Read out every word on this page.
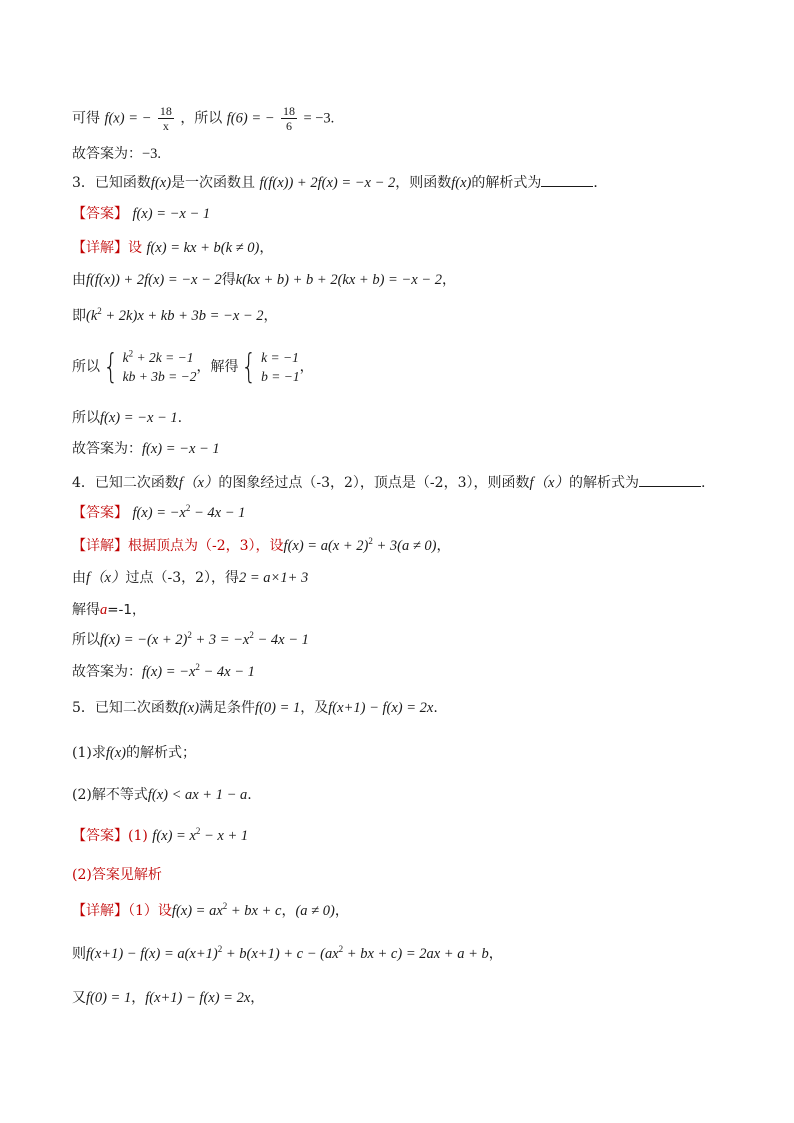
可得 f(x) = − $\frac{18}{x}$ ，所以 f(6) = − $\frac{18}{6} = -3$.
故答案为：−3.
3．已知函数f(x)是一次函数且 f(f(x)) + 2f(x) = −x − 2，则函数f(x)的解析式为	．
【答案】 f(x) = −x − 1
【详解】设 f(x) = kx + b(k ≠ 0)，
由f(f(x)) + 2f(x) = −x − 2得k(kx + b) + b + 2(kx + b) = −x − 2，
即$(k^2 + 2k)x$ + kb + 3b = −x − 2，
所以 { $k^2 + 2k = -1$
kb + 3b = −2
，解得 { k = −1
b = −1
，
所以f(x) = −x − 1.
故答案为：f(x) = −x − 1
4．已知二次函数f（x）的图象经过点（-3，2），顶点是（-2，3），则函数f（x）的解析式为	.
【答案】 $f(x) = -x^2 - 4x - 1$
【详解】根据顶点为（-2，3），设$f(x) = a(x + 2)^2 + 3(a \ne 0)$，
由f（x）过点（-3，2），得2 = a×1+ 3
解得a=-1，
所以$f(x) = -(x + 2)^2 + 3 = -x^2 - 4x - 1$
故答案为：$f(x) = -x^2 - 4x - 1$
5．已知二次函数f(x)满足条件f(0) = 1，及f(x+1) − f(x) = 2x.
(1)求f(x)的解析式；
(2)解不等式f(x) < ax + 1 − a.
【答案】(1) $f(x) = x^2 - x + 1$
(2)答案见解析
【详解】（1）设$f(x) = ax^2$ + bx + c，(a ≠ 0)，
则$f(x+1) - f(x) = a(x+1)^2 + b(x+1) + c - (ax^2$ + bx + c) = 2ax + a + b，
又f(0) = 1，f(x+1) − f(x) = 2x，
